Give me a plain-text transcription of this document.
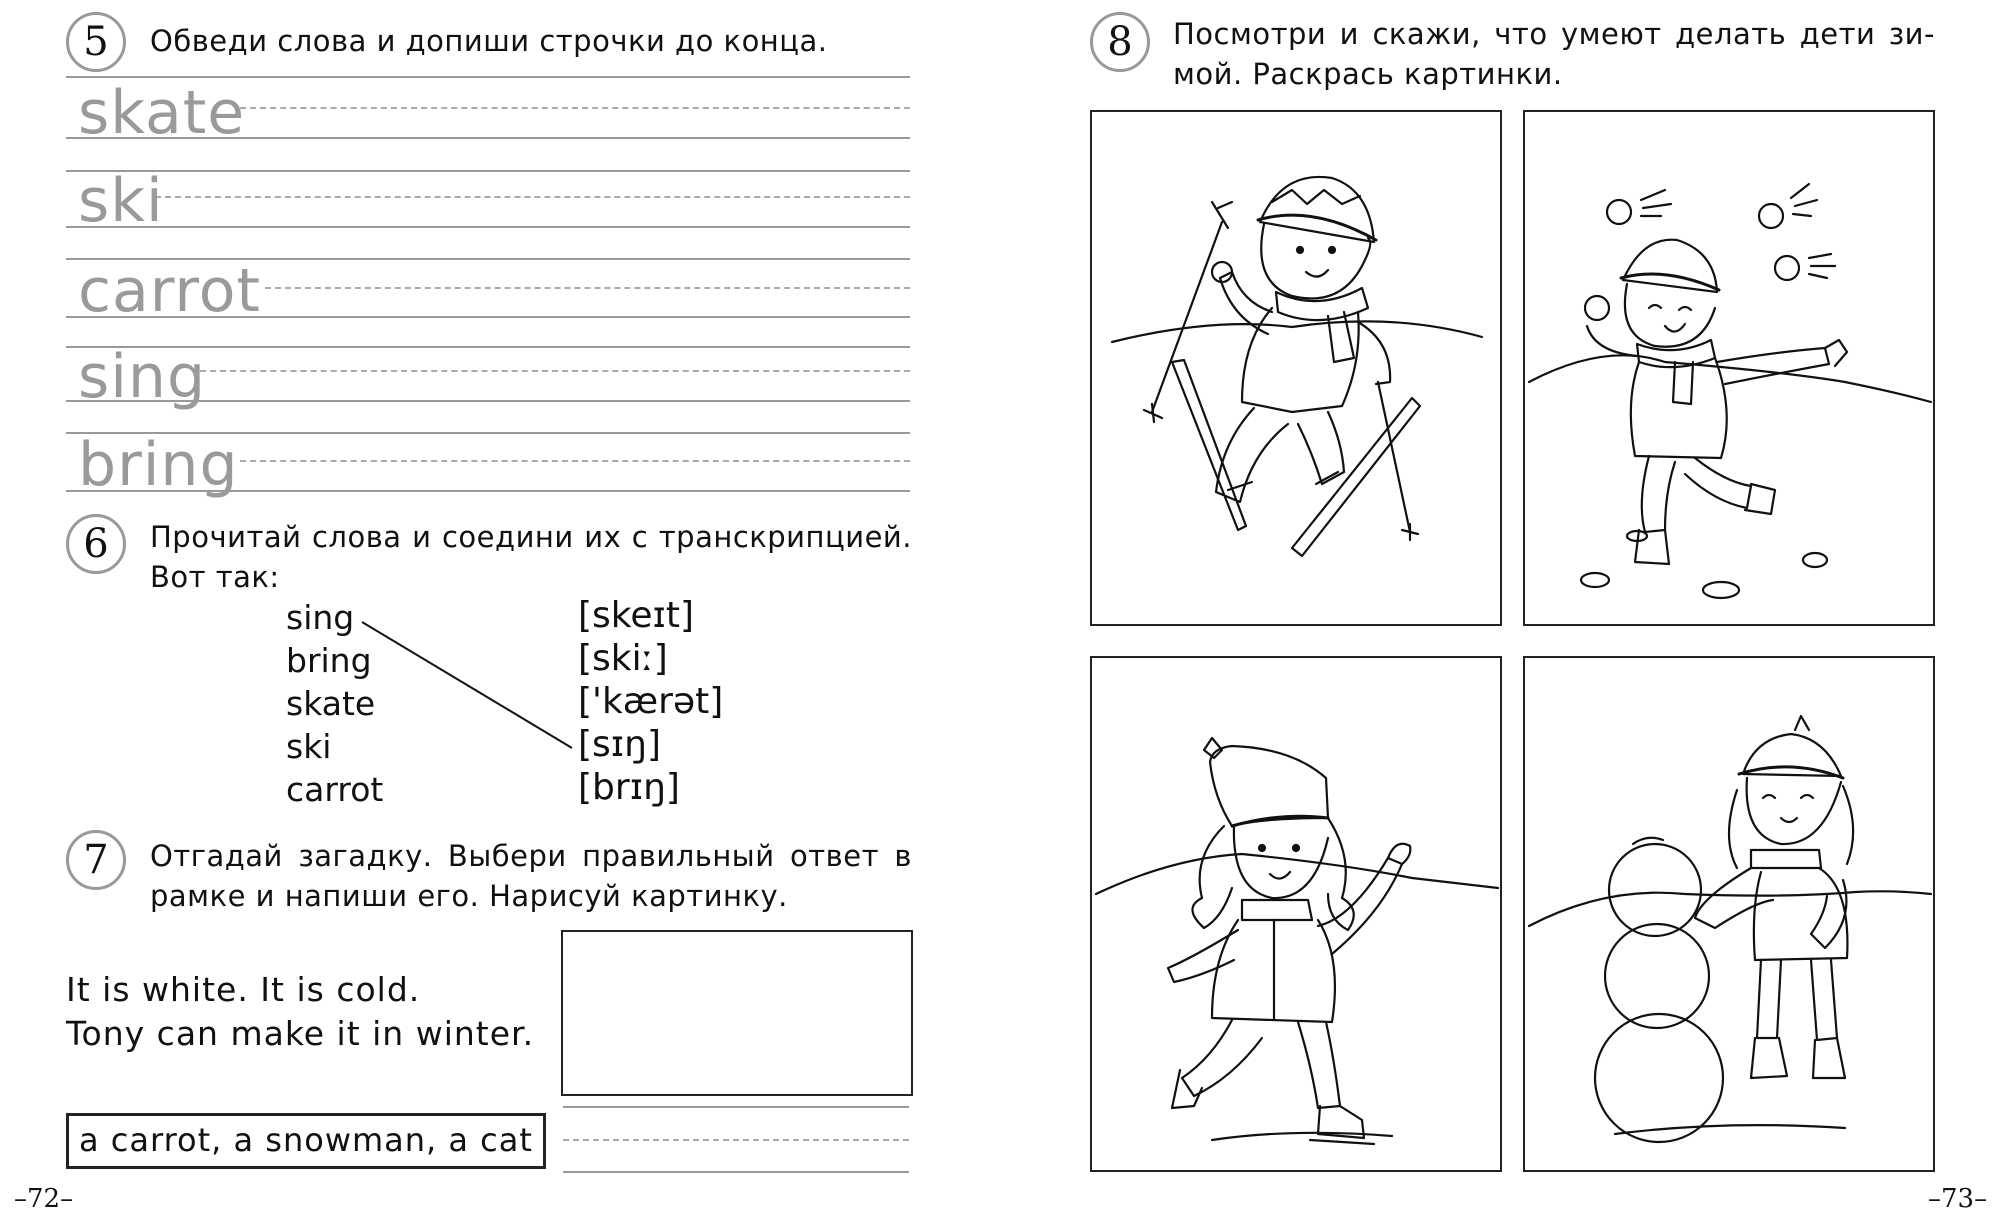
5	Обведи слова и допиши строчки до конца.
skate
ski
carrot
sing
bring
6	Прочитай слова и соедини их с транскрипцией.
Вот так:
sing
bring
skate
ski
carrot
[skeɪt]
[skiː]
['kærət]
[sɪŋ]
[brɪŋ]
7	Отгадай загадку. Выбери правильный ответ в
рамке и напиши его. Нарисуй картинку.
It is white. It is cold.
Tony can make it in winter.
a carrot, a snowman, a cat
–72–
8	Посмотри и скажи, что умеют делать дети зи-
мой. Раскрась картинки.
–73–
